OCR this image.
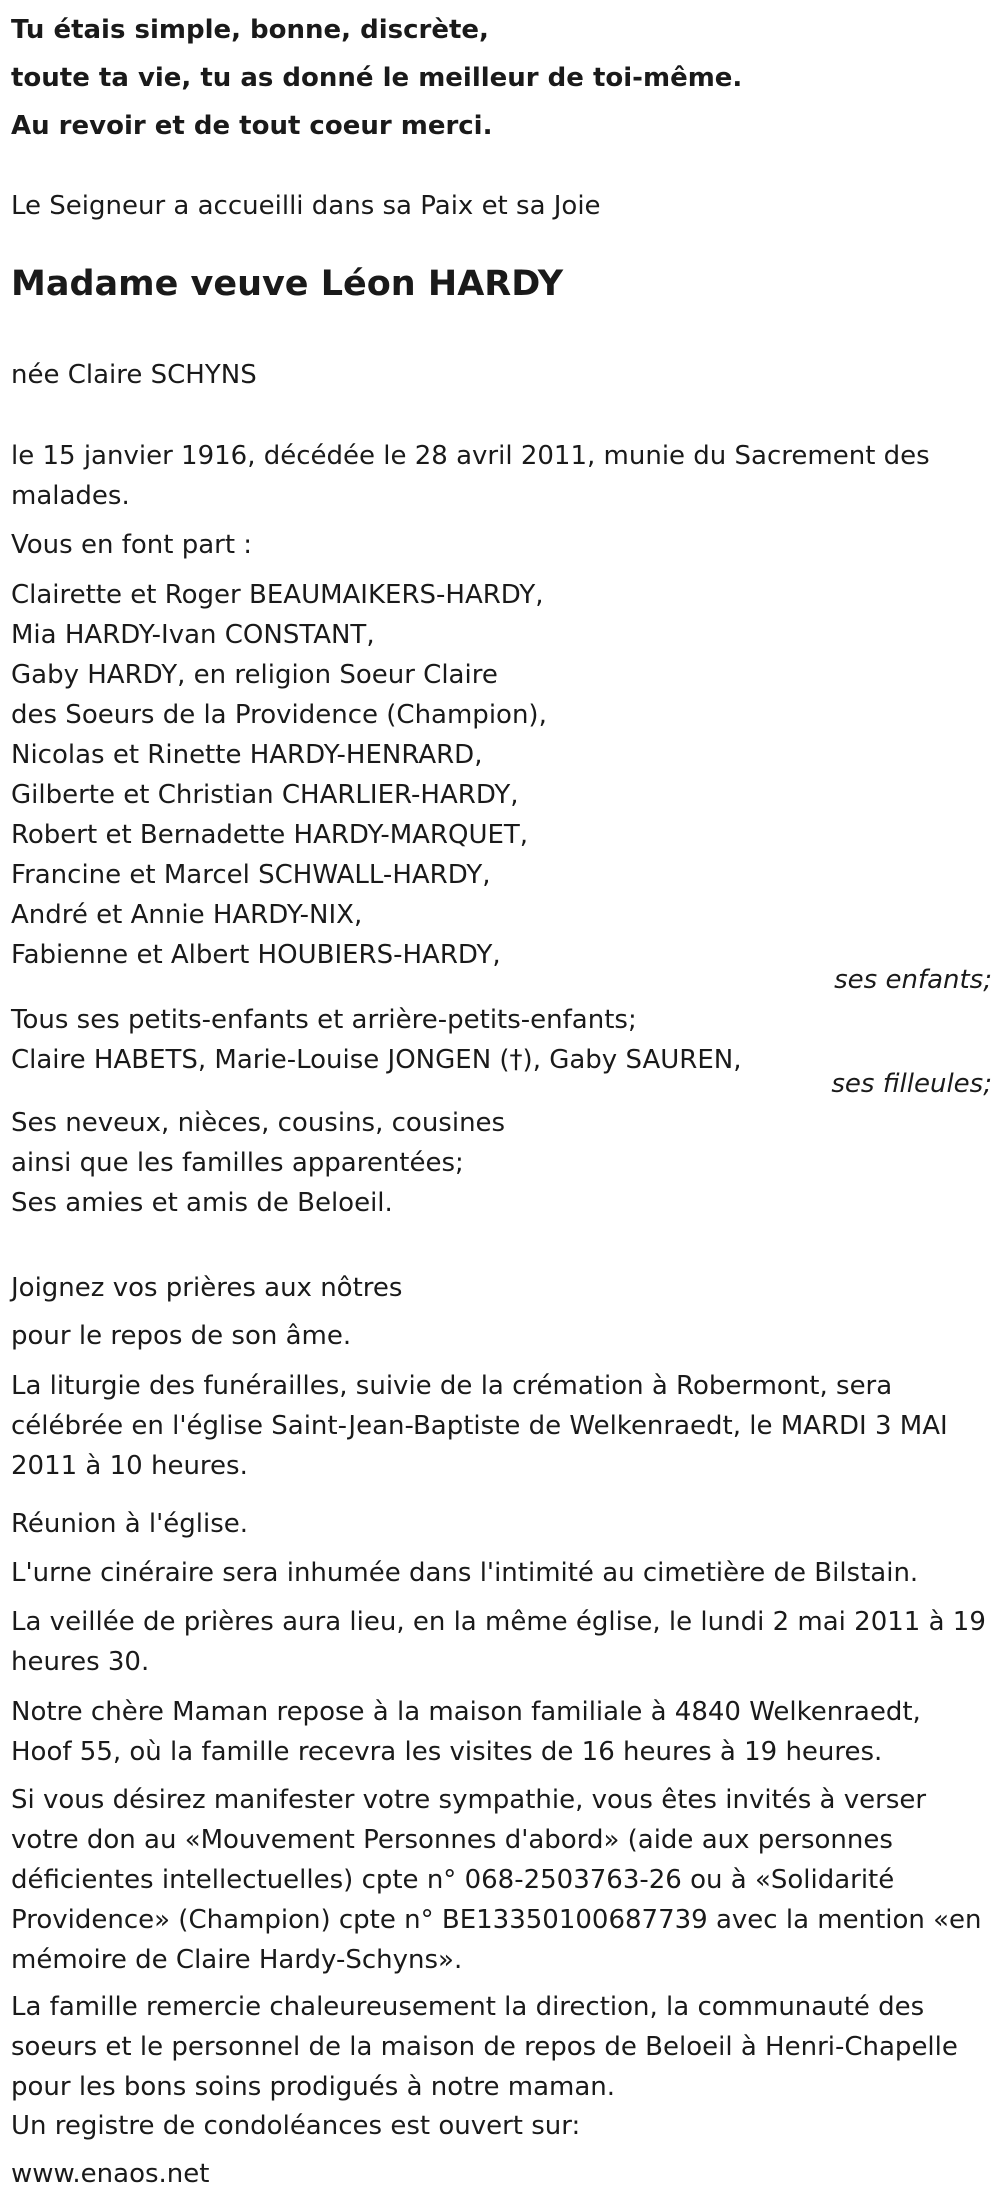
Tu étais simple, bonne, discrète,
toute ta vie, tu as donné le meilleur de toi-même.
Au revoir et de tout coeur merci.
Le Seigneur a accueilli dans sa Paix et sa Joie
Madame veuve Léon HARDY
née Claire SCHYNS
le 15 janvier 1916, décédée le 28 avril 2011, munie du Sacrement des
malades.
Vous en font part :
Clairette et Roger BEAUMAIKERS-HARDY,
Mia HARDY-Ivan CONSTANT,
Gaby HARDY, en religion Soeur Claire
des Soeurs de la Providence (Champion),
Nicolas et Rinette HARDY-HENRARD,
Gilberte et Christian CHARLIER-HARDY,
Robert et Bernadette HARDY-MARQUET,
Francine et Marcel SCHWALL-HARDY,
André et Annie HARDY-NIX,
Fabienne et Albert HOUBIERS-HARDY,
ses enfants;
Tous ses petits-enfants et arrière-petits-enfants;
Claire HABETS, Marie-Louise JONGEN (†), Gaby SAUREN,
ses filleules;
Ses neveux, nièces, cousins, cousines
ainsi que les familles apparentées;
Ses amies et amis de Beloeil.
Joignez vos prières aux nôtres
pour le repos de son âme.
La liturgie des funérailles, suivie de la crémation à Robermont, sera
célébrée en l'église Saint-Jean-Baptiste de Welkenraedt, le MARDI 3 MAI
2011 à 10 heures.
Réunion à l'église.
L'urne cinéraire sera inhumée dans l'intimité au cimetière de Bilstain.
La veillée de prières aura lieu, en la même église, le lundi 2 mai 2011 à 19
heures 30.
Notre chère Maman repose à la maison familiale à 4840 Welkenraedt,
Hoof 55, où la famille recevra les visites de 16 heures à 19 heures.
Si vous désirez manifester votre sympathie, vous êtes invités à verser
votre don au «Mouvement Personnes d'abord» (aide aux personnes
déficientes intellectuelles) cpte n° 068-2503763-26 ou à «Solidarité
Providence» (Champion) cpte n° BE13350100687739 avec la mention «en
mémoire de Claire Hardy-Schyns».
La famille remercie chaleureusement la direction, la communauté des
soeurs et le personnel de la maison de repos de Beloeil à Henri-Chapelle
pour les bons soins prodigués à notre maman.
Un registre de condoléances est ouvert sur:
www.enaos.net
